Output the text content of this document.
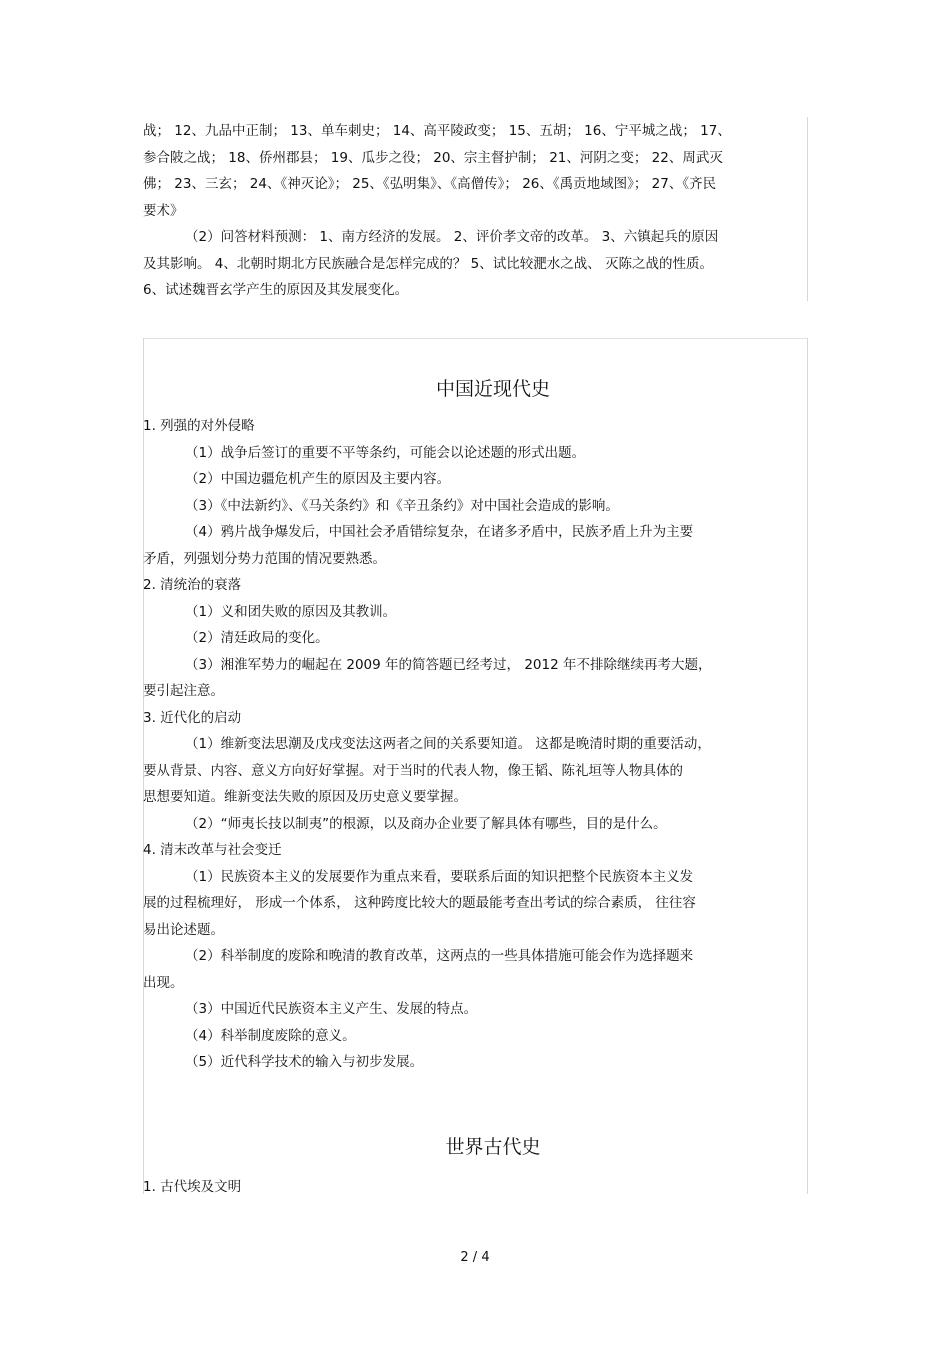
战； 12、九品中正制； 13、单车刺史； 14、高平陵政变； 15、五胡； 16、宁平城之战； 17、
参合陂之战； 18、侨州郡县； 19、瓜步之役； 20、宗主督护制； 21、河阴之变； 22、周武灭
佛； 23、三玄； 24、《神灭论》； 25、《弘明集》、《高僧传》； 26、《禹贡地域图》； 27、《齐民
要术》
（2）问答材料预测： 1、南方经济的发展。 2、评价孝文帝的改革。 3、六镇起兵的原因
及其影响。 4、北朝时期北方民族融合是怎样完成的？ 5、试比较淝水之战、 灭陈之战的性质。
6、试述魏晋玄学产生的原因及其发展变化。
中国近现代史
1. 列强的对外侵略
（1）战争后签订的重要不平等条约，可能会以论述题的形式出题。
（2）中国边疆危机产生的原因及主要内容。
（3）《中法新约》、《马关条约》和《辛丑条约》对中国社会造成的影响。
（4）鸦片战争爆发后，中国社会矛盾错综复杂，在诸多矛盾中，民族矛盾上升为主要
矛盾，列强划分势力范围的情况要熟悉。
2. 清统治的衰落
（1）义和团失败的原因及其教训。
（2）清廷政局的变化。
（3）湘淮军势力的崛起在 2009 年的简答题已经考过， 2012 年不排除继续再考大题，
要引起注意。
3. 近代化的启动
（1）维新变法思潮及戊戌变法这两者之间的关系要知道。 这都是晚清时期的重要活动，
要从背景、内容、意义方向好好掌握。对于当时的代表人物，像王韬、陈礼垣等人物具体的
思想要知道。维新变法失败的原因及历史意义要掌握。
（2）“师夷长技以制夷”的根源，以及商办企业要了解具体有哪些，目的是什么。
4. 清末改革与社会变迁
（1）民族资本主义的发展要作为重点来看，要联系后面的知识把整个民族资本主义发
展的过程梳理好， 形成一个体系， 这种跨度比较大的题最能考查出考试的综合素质， 往往容
易出论述题。
（2）科举制度的废除和晚清的教育改革，这两点的一些具体措施可能会作为选择题来
出现。
（3）中国近代民族资本主义产生、发展的特点。
（4）科举制度废除的意义。
（5）近代科学技术的输入与初步发展。
世界古代史
1. 古代埃及文明
2 / 4
